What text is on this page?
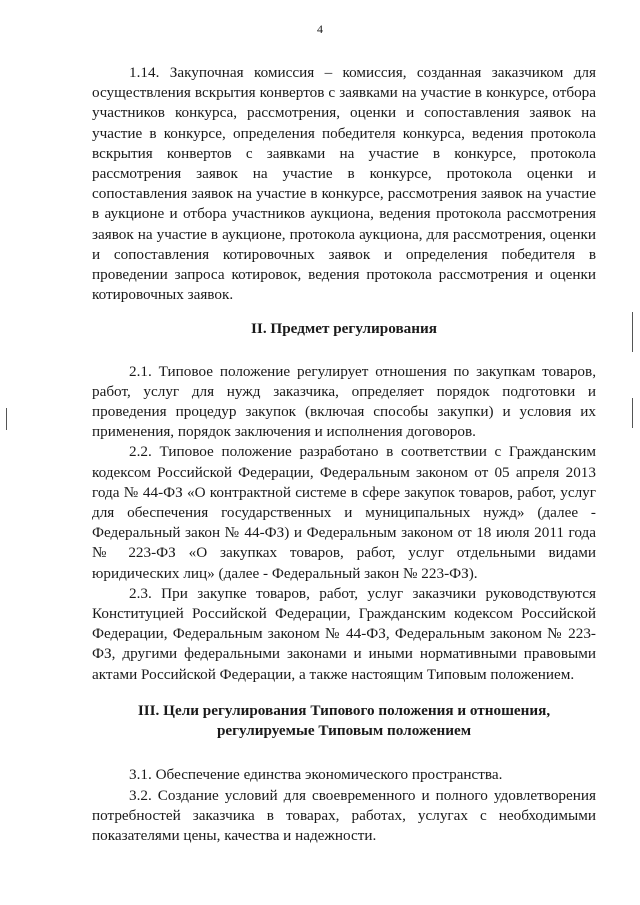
4

1.14. Закупочная комиссия – комиссия, созданная заказчиком для осуществления вскрытия конвертов с заявками на участие в конкурсе, отбора участников конкурса, рассмотрения, оценки и сопоставления заявок на участие в конкурсе, определения победителя конкурса, ведения протокола вскрытия конвертов с заявками на участие в конкурсе, протокола рассмотрения заявок на участие в конкурсе, протокола оценки и сопоставления заявок на участие в конкурсе, рассмотрения заявок на участие в аукционе и отбора участников аукциона, ведения протокола рассмотрения заявок на участие в аукционе, протокола аукциона, для рассмотрения, оценки и сопоставления котировочных заявок и определения победителя в проведении запроса котировок, ведения протокола рассмотрения и оценки котировочных заявок.

II. Предмет регулирования

2.1. Типовое положение регулирует отношения по закупкам товаров, работ, услуг для нужд заказчика, определяет порядок подготовки и проведения процедур закупок (включая способы закупки) и условия их применения, порядок заключения и исполнения договоров.

2.2. Типовое положение разработано в соответствии с Гражданским кодексом Российской Федерации, Федеральным законом от 05 апреля 2013 года № 44-ФЗ «О контрактной системе в сфере закупок товаров, работ, услуг для обеспечения государственных и муниципальных нужд» (далее - Федеральный закон № 44-ФЗ) и Федеральным законом от 18 июля 2011 года № 223-ФЗ «О закупках товаров, работ, услуг отдельными видами юридических лиц» (далее - Федеральный закон № 223-ФЗ).

2.3. При закупке товаров, работ, услуг заказчики руководствуются Конституцией Российской Федерации, Гражданским кодексом Российской Федерации, Федеральным законом № 44-ФЗ, Федеральным законом № 223-ФЗ, другими федеральными законами и иными нормативными правовыми актами Российской Федерации, а также настоящим Типовым положением.

III. Цели регулирования Типового положения и отношения,
регулируемые Типовым положением

3.1. Обеспечение единства экономического пространства.

3.2. Создание условий для своевременного и полного удовлетворения потребностей заказчика в товарах, работах, услугах с необходимыми показателями цены, качества и надежности.
